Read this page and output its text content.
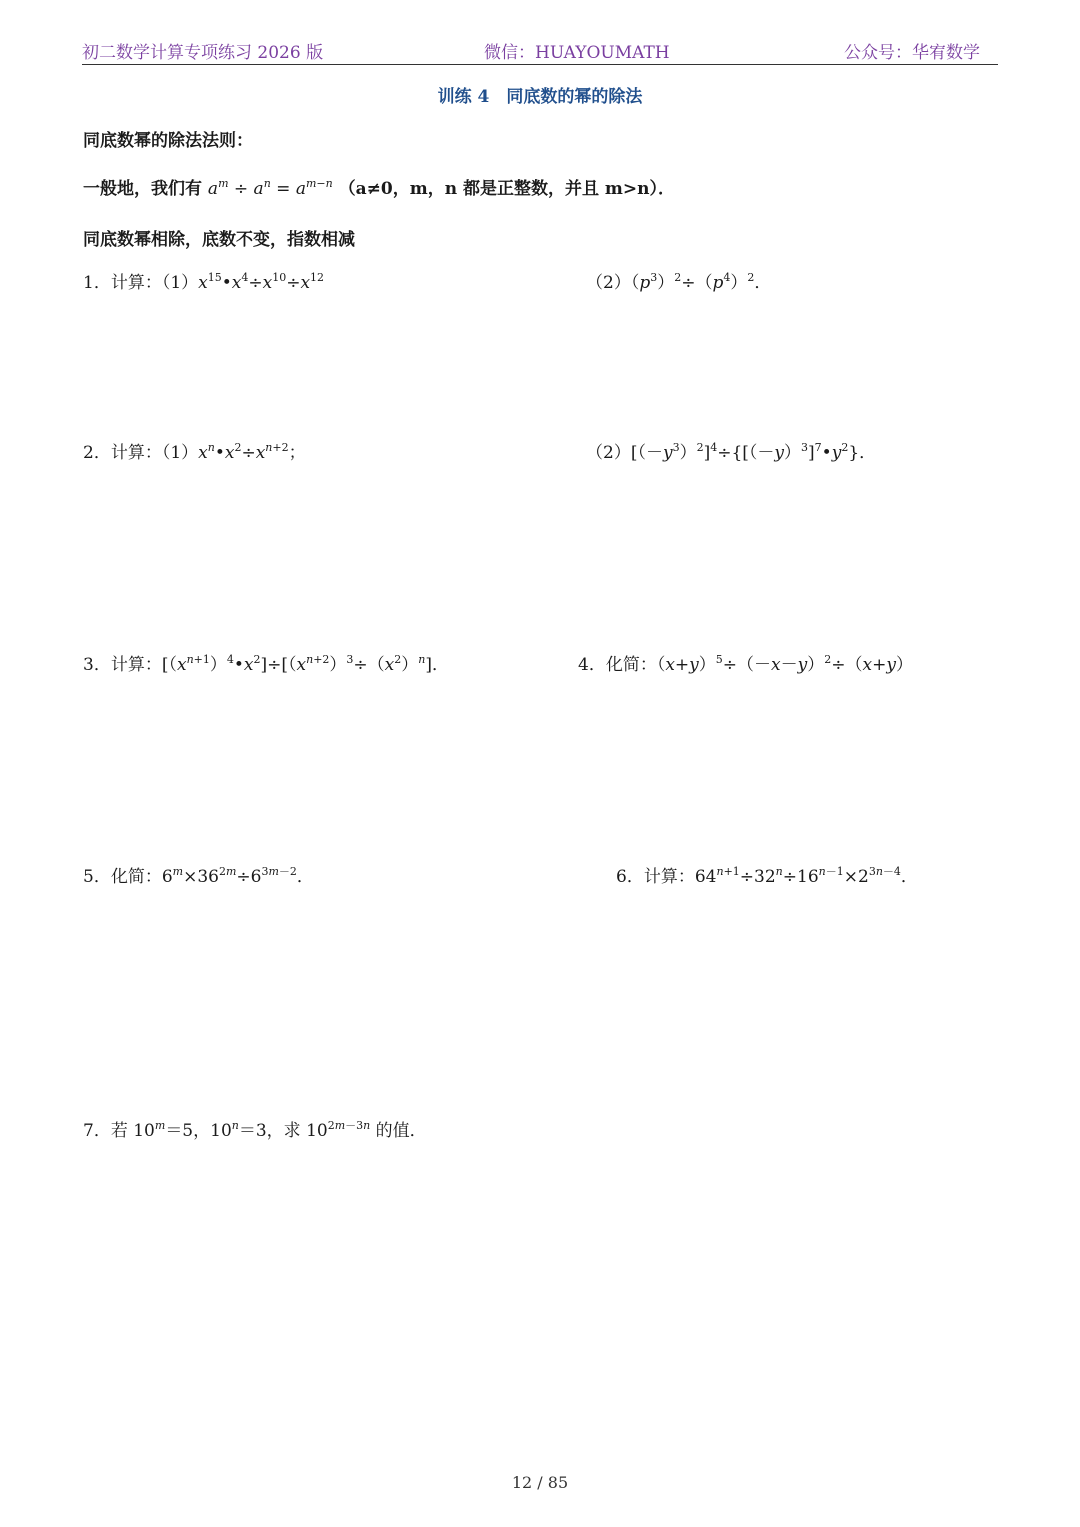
初二数学计算专项练习 2026 版	微信：HUAYOUMATH	公众号：华宥数学
训练 4　同底数的幂的除法
同底数幂的除法法则：
一般地，我们有 $a^m \div a^n = a^{m-n}$ （a≠0，m，n 都是正整数，并且 m>n）．
同底数幂相除，底数不变，指数相减
1．计算：$(1)x^{15}•x^4\div x^{10}\div x^{12}$	$(2)(p^3)^2\div(p^4)^2$．
2．计算：$(1)x^n•x^2\div x^{n+2}$；	$(2)[(-y^3)^2]^4\div\{[(-y)^3]^7•y^2\}$．
3．计算：$[(x^{n+1})^4•x^2]\div[(x^{n+2})^3\div(x^2)^n]$．	4．化简：$(x+y)^5\div(-x-y)^2\div(x+y)$
5．化简：$6^m\times 36^{2m}\div 6^{3m-2}$．	6．计算：$64^{n+1}\div 32^n\div 16^{n-1}\times 2^{3n-4}$．
7．若 $10^m=5$，$10^n=3$，求 $10^{2m-3n}$ 的值．
12 / 85
